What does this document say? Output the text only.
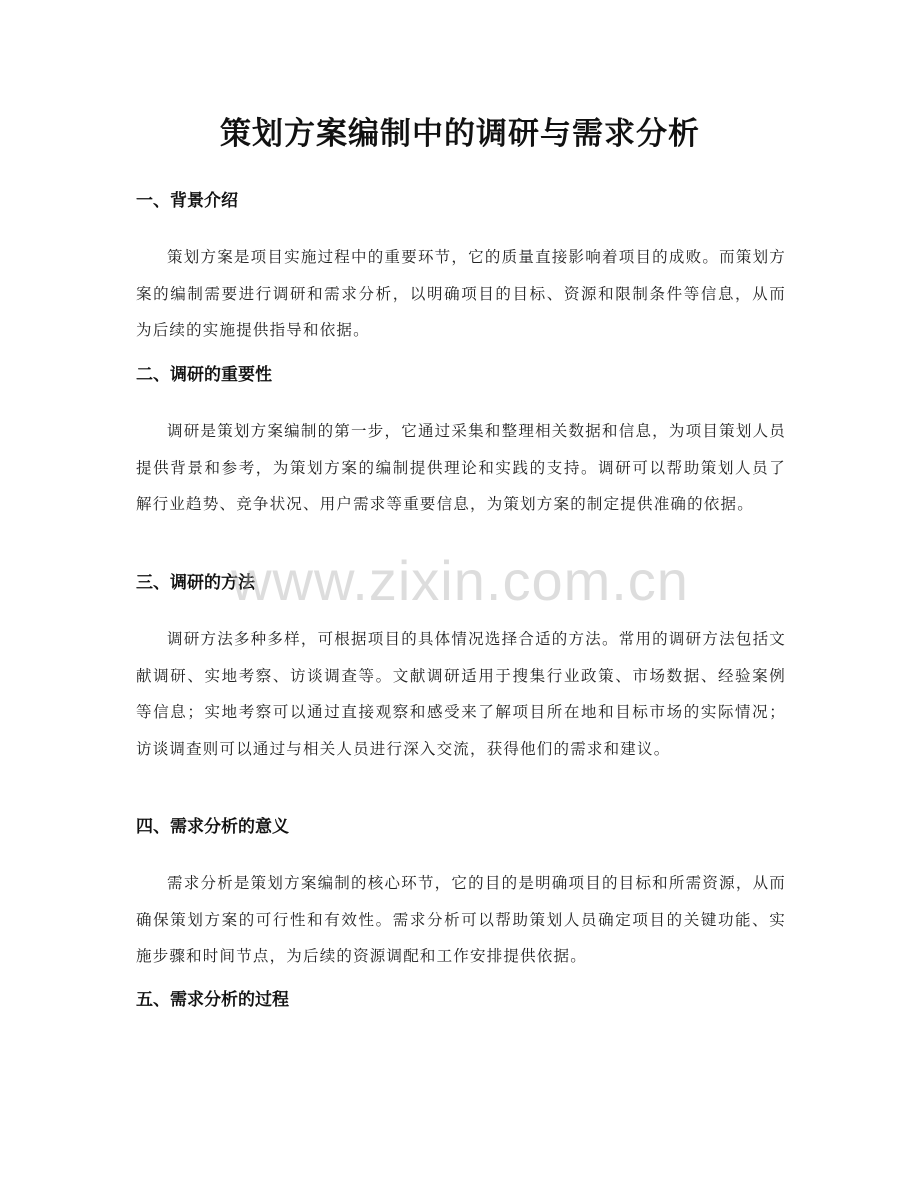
策划方案编制中的调研与需求分析
一、背景介绍

策划方案是项目实施过程中的重要环节，它的质量直接影响着项目的成败。而策划方案的编制需要进行调研和需求分析，以明确项目的目标、资源和限制条件等信息，从而为后续的实施提供指导和依据。

二、调研的重要性

调研是策划方案编制的第一步，它通过采集和整理相关数据和信息，为项目策划人员提供背景和参考，为策划方案的编制提供理论和实践的支持。调研可以帮助策划人员了解行业趋势、竞争状况、用户需求等重要信息，为策划方案的制定提供准确的依据。

三、调研的方法

调研方法多种多样，可根据项目的具体情况选择合适的方法。常用的调研方法包括文献调研、实地考察、访谈调查等。文献调研适用于搜集行业政策、市场数据、经验案例等信息；实地考察可以通过直接观察和感受来了解项目所在地和目标市场的实际情况；访谈调查则可以通过与相关人员进行深入交流，获得他们的需求和建议。

四、需求分析的意义

需求分析是策划方案编制的核心环节，它的目的是明确项目的目标和所需资源，从而确保策划方案的可行性和有效性。需求分析可以帮助策划人员确定项目的关键功能、实施步骤和时间节点，为后续的资源调配和工作安排提供依据。

五、需求分析的过程
www.zixin.com.cn
